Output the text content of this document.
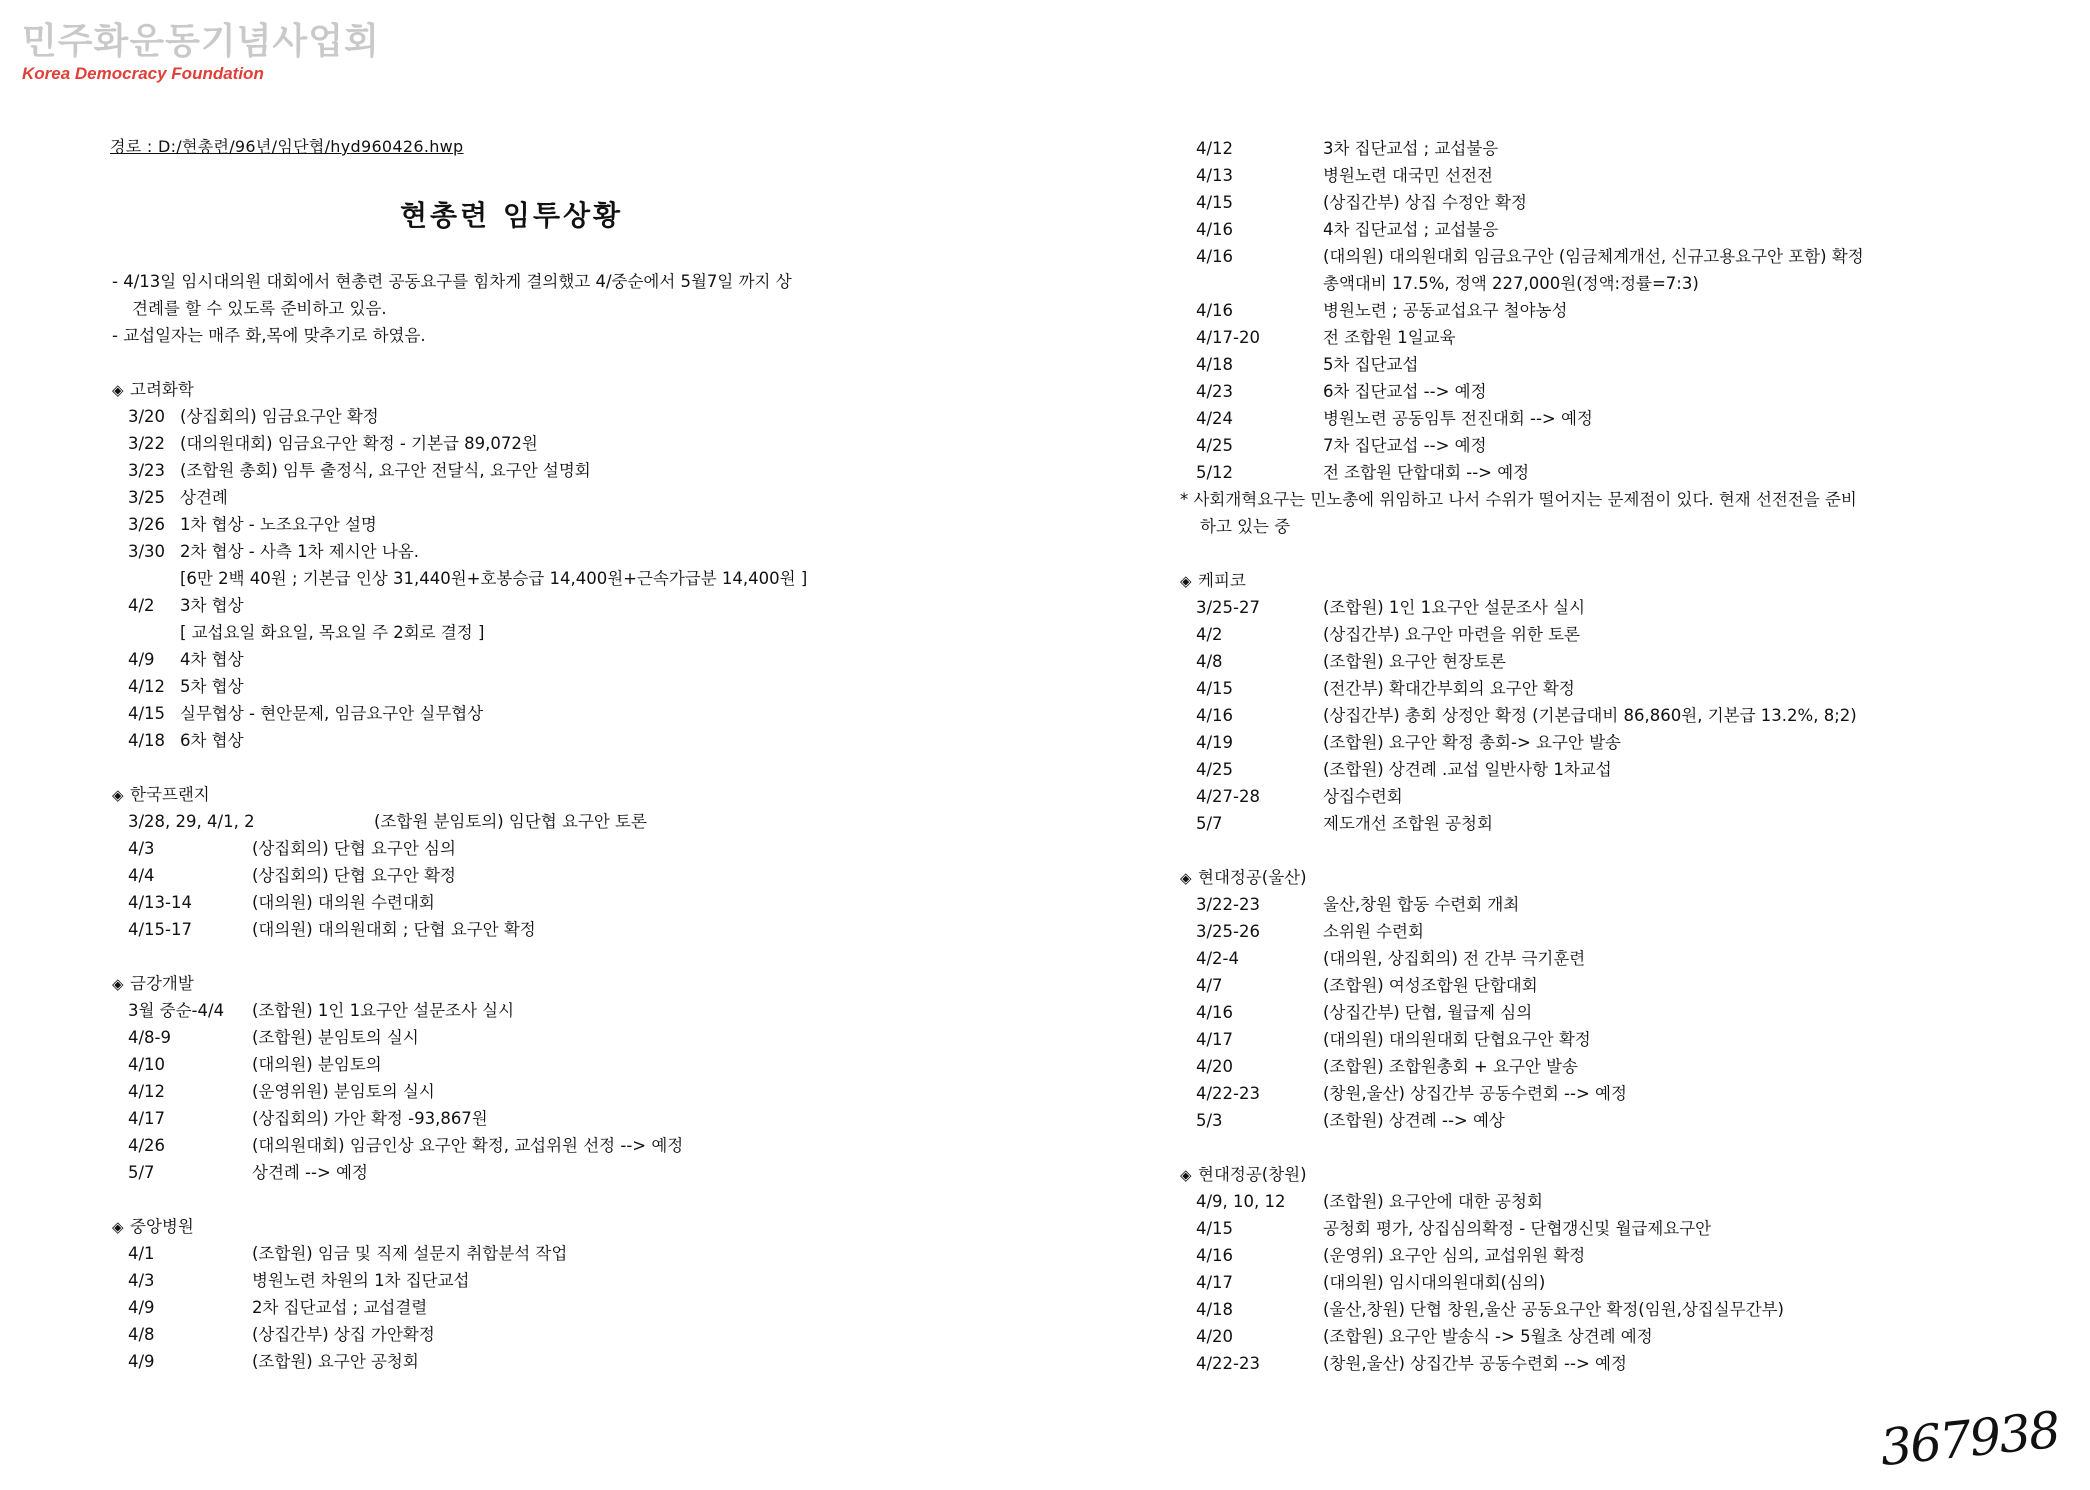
민주화운동기념사업회
Korea Democracy Foundation
경로 : D:/현총련/96년/임단협/hyd960426.hwp
현총련 임투상황
- 4/13일 임시대의원 대회에서 현총련 공동요구를 힘차게 결의했고 4/중순에서 5월7일 까지 상
견례를 할 수 있도록 준비하고 있음.
- 교섭일자는 매주 화,목에 맞추기로 하였음.
◈ 고려화학
3/20 (상집회의) 임금요구안 확정
3/22 (대의원대회) 임금요구안 확정 - 기본급 89,072원
3/23 (조합원 총회) 임투 출정식, 요구안 전달식, 요구안 설명회
3/25 상견례
3/26 1차 협상 - 노조요구안 설명
3/30 2차 협상 - 사측 1차 제시안 나옴.
[6만 2백 40원 ; 기본급 인상 31,440원+호봉승급 14,400원+근속가급분 14,400원 ]
4/2 3차 협상
[ 교섭요일 화요일, 목요일 주 2회로 결정 ]
4/9 4차 협상
4/12 5차 협상
4/15 실무협상 - 현안문제, 임금요구안 실무협상
4/18 6차 협상
◈ 한국프랜지
3/28, 29, 4/1, 2	(조합원 분임토의) 임단협 요구안 토론
4/3	(상집회의) 단협 요구안 심의
4/4	(상집회의) 단협 요구안 확정
4/13-14	(대의원) 대의원 수련대회
4/15-17	(대의원) 대의원대회 ; 단협 요구안 확정
◈ 금강개발
3월 중순-4/4 (조합원) 1인 1요구안 설문조사 실시
4/8-9	(조합원) 분임토의 실시
4/10	(대의원) 분임토의
4/12	(운영위원) 분임토의 실시
4/17	(상집회의) 가안 확정 -93,867원
4/26	(대의원대회) 임금인상 요구안 확정, 교섭위원 선정 --> 예정
5/7	상견례 --> 예정
◈ 중앙병원
4/1	(조합원) 임금 및 직제 설문지 취합분석 작업
4/3	병원노련 차원의 1차 집단교섭
4/9	2차 집단교섭 ; 교섭결렬
4/8	(상집간부) 상집 가안확정
4/9	(조합원) 요구안 공청회
4/12	3차 집단교섭 ; 교섭불응
4/13	병원노련 대국민 선전전
4/15	(상집간부) 상집 수정안 확정
4/16	4차 집단교섭 ; 교섭불응
4/16	(대의원) 대의원대회 임금요구안 (임금체계개선, 신규고용요구안 포함) 확정
총액대비 17.5%, 정액 227,000원(정액:정률=7:3)
4/16	병원노련 ; 공동교섭요구 철야농성
4/17-20	전 조합원 1일교육
4/18	5차 집단교섭
4/23	6차 집단교섭 --> 예정
4/24	병원노련 공동임투 전진대회 --> 예정
4/25	7차 집단교섭 --> 예정
5/12	전 조합원 단합대회 --> 예정
* 사회개혁요구는 민노총에 위임하고 나서 수위가 떨어지는 문제점이 있다. 현재 선전전을 준비
하고 있는 중
◈ 케피코
3/25-27	(조합원) 1인 1요구안 설문조사 실시
4/2	(상집간부) 요구안 마련을 위한 토론
4/8	(조합원) 요구안 현장토론
4/15	(전간부) 확대간부회의 요구안 확정
4/16	(상집간부) 총회 상정안 확정 (기본급대비 86,860원, 기본급 13.2%, 8;2)
4/19	(조합원) 요구안 확정 총회-> 요구안 발송
4/25	(조합원) 상견례 .교섭 일반사항 1차교섭
4/27-28	상집수련회
5/7	제도개선 조합원 공청회
◈ 현대정공(울산)
3/22-23	울산,창원 합동 수련회 개최
3/25-26	소위원 수련회
4/2-4	(대의원, 상집회의) 전 간부 극기훈련
4/7	(조합원) 여성조합원 단합대회
4/16	(상집간부) 단협, 월급제 심의
4/17	(대의원) 대의원대회 단협요구안 확정
4/20	(조합원) 조합원총회 + 요구안 발송
4/22-23	(창원,울산) 상집간부 공동수련회 --> 예정
5/3	(조합원) 상견례 --> 예상
◈ 현대정공(창원)
4/9, 10, 12 (조합원) 요구안에 대한 공청회
4/15	공청회 평가, 상집심의확정 - 단협갱신및 월급제요구안
4/16	(운영위) 요구안 심의, 교섭위원 확정
4/17	(대의원) 임시대의원대회(심의)
4/18	(울산,창원) 단협 창원,울산 공동요구안 확정(임원,상집실무간부)
4/20	(조합원) 요구안 발송식 -> 5월초 상견례 예정
4/22-23	(창원,울산) 상집간부 공동수련회 --> 예정
367938
